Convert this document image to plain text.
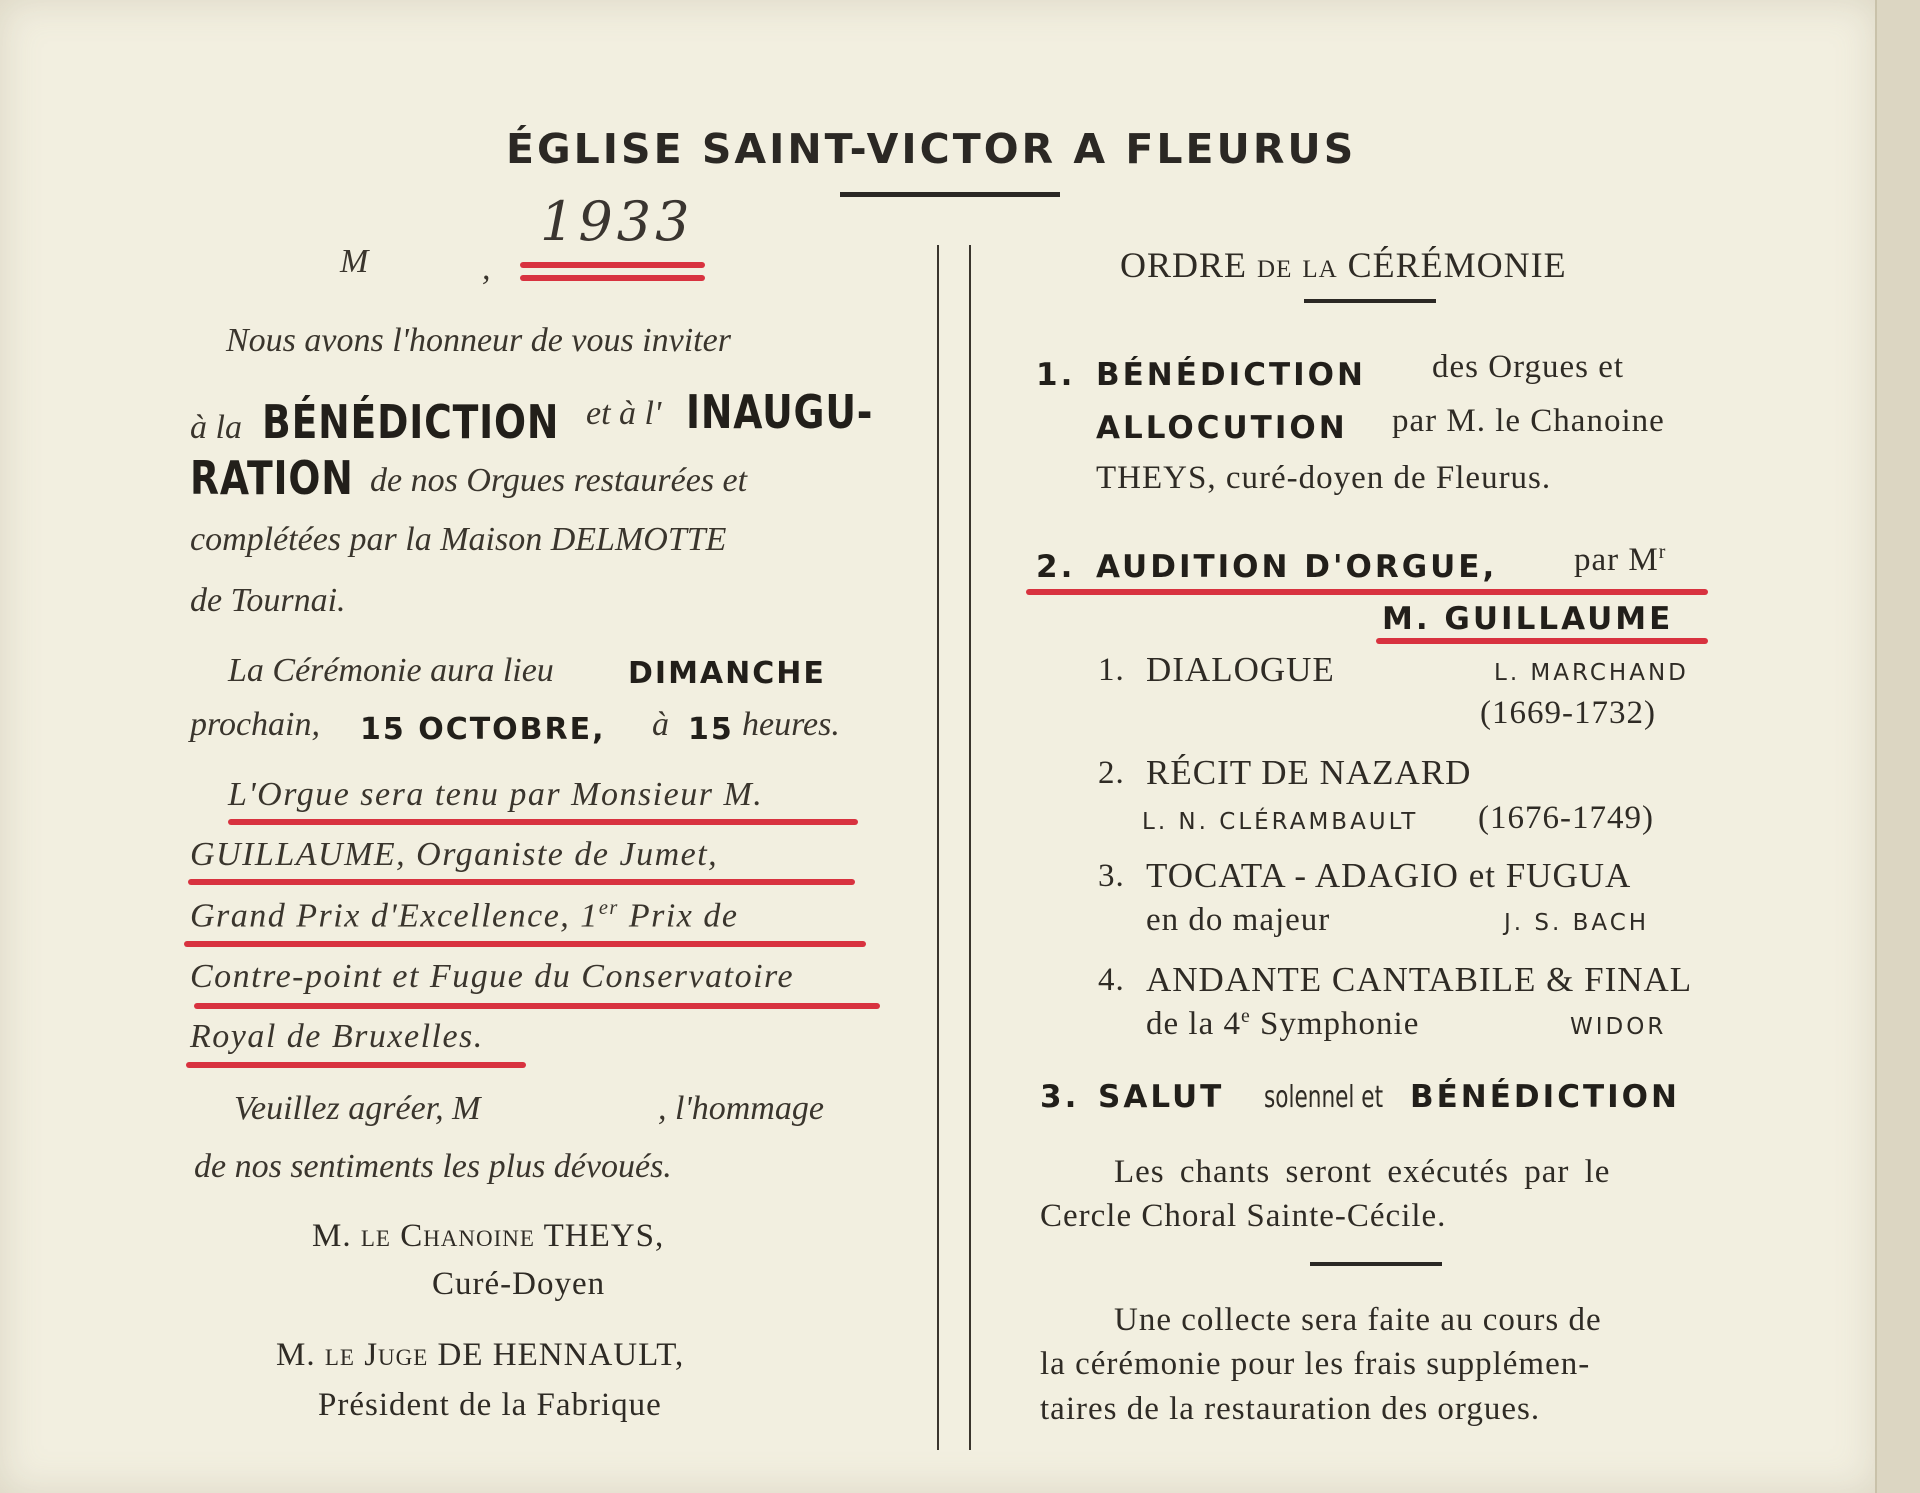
ÉGLISE SAINT-VICTOR A FLEURUS
M	,
1933
Nous avons l'honneur de vous inviter
à la BÉNÉDICTION et à l' INAUGU-
RATION de nos Orgues restaurées et
complétées par la Maison DELMOTTE
de Tournai.
La Cérémonie aura lieu DIMANCHE
prochain, 15 OCTOBRE, à 15 heures.
L'Orgue sera tenu par Monsieur M.
GUILLAUME, Organiste de Jumet,
Grand Prix d'Excellence, 1er Prix de
Contre-point et Fugue du Conservatoire
Royal de Bruxelles.
Veuillez agréer, M	, l'hommage
de nos sentiments les plus dévoués.
M. le Chanoine THEYS,
Curé-Doyen
M. le Juge DE HENNAULT,
Président de la Fabrique
ORDRE de la CÉRÉMONIE
1. BÉNÉDICTION des Orgues et
ALLOCUTION par M. le Chanoine
THEYS, curé-doyen de Fleurus.
2. AUDITION D'ORGUE, par $M^r$
M. GUILLAUME
1. DIALOGUE	L. MARCHAND
(1669-1732)
2. RÉCIT DE NAZARD
L. N. CLÉRAMBAULT (1676-1749)
3. TOCATA - ADAGIO et FUGUA
en do majeur	J. S. BACH
4. ANDANTE CANTABILE & FINAL
de la 4e Symphonie	WIDOR
3. SALUT solennel et BÉNÉDICTION
Les chants seront exécutés par le
Cercle Choral Sainte-Cécile.
Une collecte sera faite au cours de
la cérémonie pour les frais supplémen-
taires de la restauration des orgues.
